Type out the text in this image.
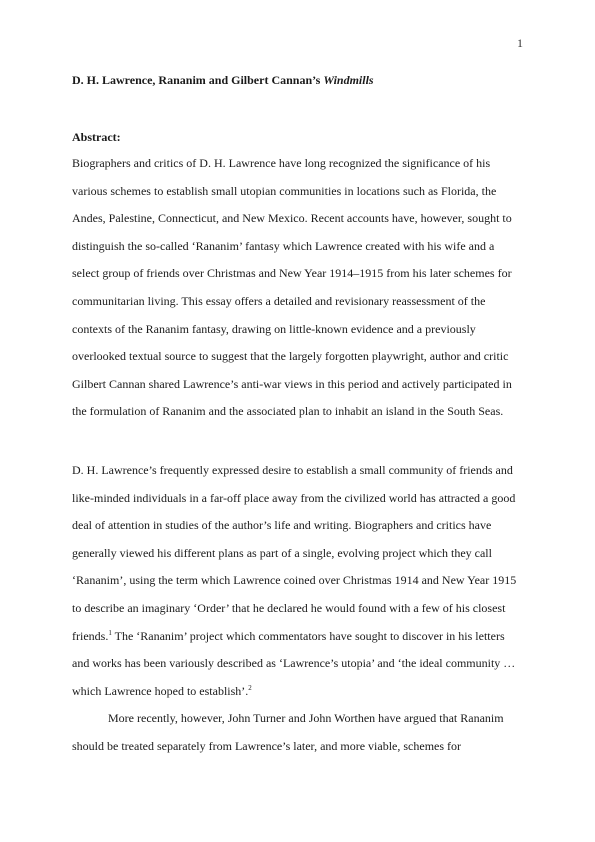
1
D. H. Lawrence, Rananim and Gilbert Cannan’s Windmills
Abstract:
Biographers and critics of D. H. Lawrence have long recognized the significance of his
various schemes to establish small utopian communities in locations such as Florida, the
Andes, Palestine, Connecticut, and New Mexico. Recent accounts have, however, sought to
distinguish the so-called ‘Rananim’ fantasy which Lawrence created with his wife and a
select group of friends over Christmas and New Year 1914–1915 from his later schemes for
communitarian living. This essay offers a detailed and revisionary reassessment of the
contexts of the Rananim fantasy, drawing on little-known evidence and a previously
overlooked textual source to suggest that the largely forgotten playwright, author and critic
Gilbert Cannan shared Lawrence’s anti-war views in this period and actively participated in
the formulation of Rananim and the associated plan to inhabit an island in the South Seas.
D. H. Lawrence’s frequently expressed desire to establish a small community of friends and
like-minded individuals in a far-off place away from the civilized world has attracted a good
deal of attention in studies of the author’s life and writing. Biographers and critics have
generally viewed his different plans as part of a single, evolving project which they call
‘Rananim’, using the term which Lawrence coined over Christmas 1914 and New Year 1915
to describe an imaginary ‘Order’ that he declared he would found with a few of his closest
friends.$^1$ The ‘Rananim’ project which commentators have sought to discover in his letters
and works has been variously described as ‘Lawrence’s utopia’ and ‘the ideal community …
which Lawrence hoped to establish’.$^2$
More recently, however, John Turner and John Worthen have argued that Rananim
should be treated separately from Lawrence’s later, and more viable, schemes for
